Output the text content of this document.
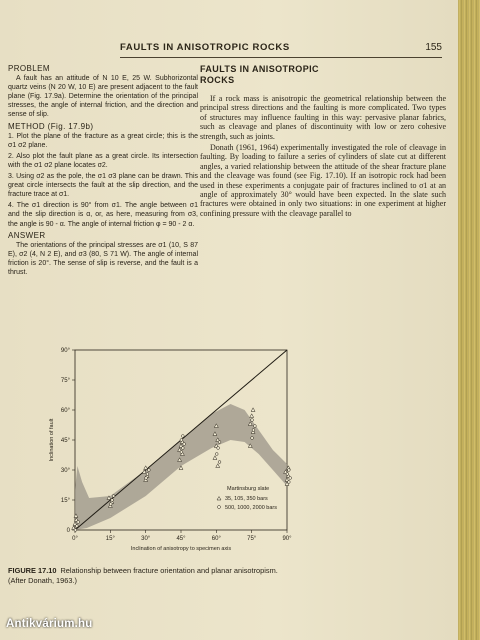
FAULTS IN ANISOTROPIC ROCKS	155
PROBLEM

A fault has an attitude of N 10 E, 25 W. Subhorizontal quartz veins (N 20 W, 10 E) are present adjacent to the fault plane (Fig. 17.9a). Determine the orientation of the principal stresses, the angle of internal friction, and the direction and sense of slip.

METHOD (Fig. 17.9b)

1. Plot the plane of the fracture as a great circle; this is the σ1 σ2 plane.

2. Also plot the fault plane as a great circle. Its intersection with the σ1 σ2 plane locates σ2.

3. Using σ2 as the pole, the σ1 σ3 plane can be drawn. This great circle intersects the fault at the slip direction, and the fracture trace at σ1.

4. The σ1 direction is 90° from σ1. The angle between σ1 and the slip direction is α, or, as here, measuring from σ3, the angle is 90 - α. The angle of internal friction φ = 90 - 2 α.

ANSWER

The orientations of the principal stresses are σ1 (10, S 87 E), σ2 (4, N 2 E), and σ3 (80, S 71 W). The angle of internal friction is 20°. The sense of slip is reverse, and the fault is a thrust.

FAULTS IN ANISOTROPIC
ROCKS

If a rock mass is anisotropic the geometrical relationship between the principal stress directions and the faulting is more complicated. Two types of structures may influence faulting in this way: pervasive planar fabrics, such as cleavage and planes of discontinuity with low or zero cohesive strength, such as joints.

Donath (1961, 1964) experimentally investigated the role of cleavage in faulting. By loading to failure a series of cylinders of slate cut at different angles, a varied relationship between the attitude of the shear fracture plane and the cleavage was found (see Fig. 17.10). If an isotropic rock had been used in these experiments a conjugate pair of fractures inclined to σ1 at an angle of approximately 30° would have been expected. In the slate such fractures were obtained in only two situations: in one experiment at higher confining pressure with the cleavage parallel to

0°	15°	30°	45°	60°	75°	90°
0
15°
30°
45°
60°
75°
90°
Inclination of anisotropy to specimen axis
Inclination of fault
Martinsburg slate
35, 105, 350 bars
500, 1000, 2000 bars
FIGURE 17.10 Relationship between fracture orientation and planar anisotropism.
(After Donath, 1963.)
Antikvárium.hu
